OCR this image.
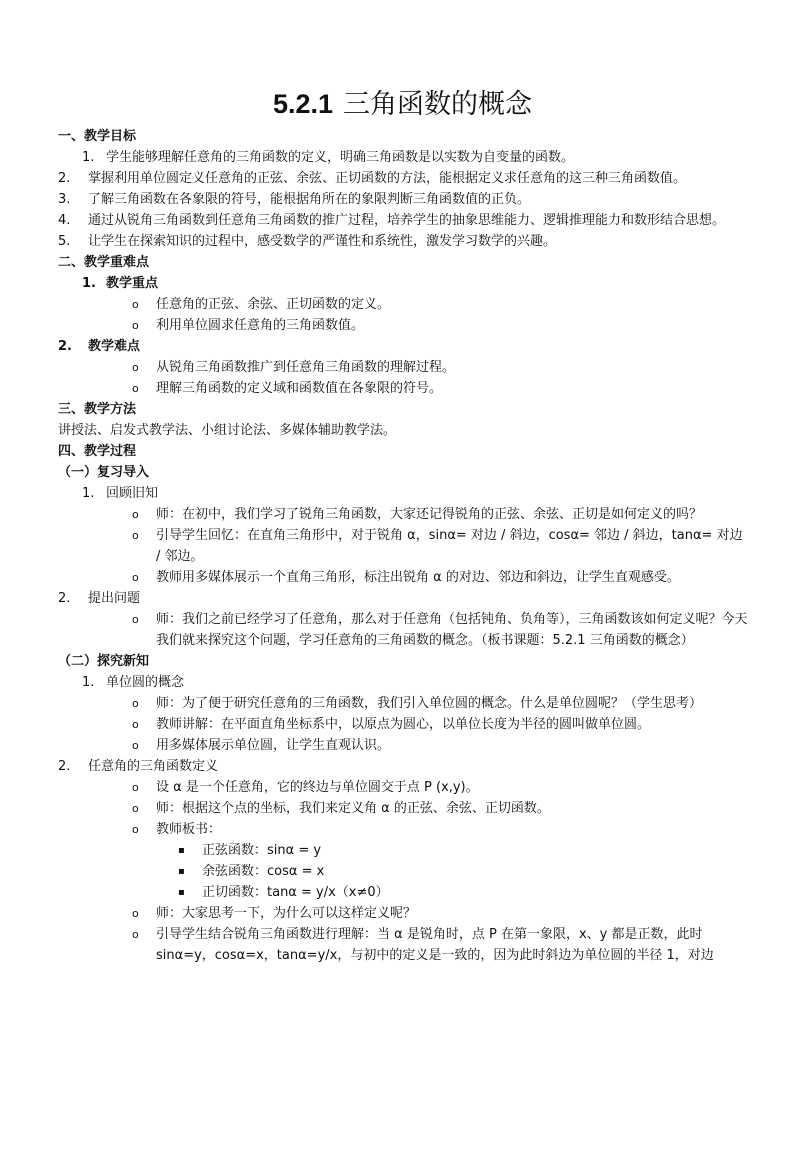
5.2.1 三角函数的概念

一、教学目标

1. 学生能够理解任意角的三角函数的定义，明确三角函数是以实数为自变量的函数。
2.	掌握利用单位圆定义任意角的正弦、余弦、正切函数的方法，能根据定义求任意角的这三种三角函数值。
3.	了解三角函数在各象限的符号，能根据角所在的象限判断三角函数值的正负。

4. 通过从锐角三角函数到任意角三角函数的推广过程，培养学生的抽象思维能力、逻辑推理能力和数形结合思想。

5.	让学生在探索知识的过程中，感受数学的严谨性和系统性，激发学习数学的兴趣。

二、教学重难点

1. 教学重点
o	任意角的正弦、余弦、正切函数的定义。
o	利用单位圆求任意角的三角函数值。
2.	教学难点
o	从锐角三角函数推广到任意角三角函数的理解过程。
o	理解三角函数的定义域和函数值在各象限的符号。

三、教学方法

讲授法、启发式教学法、小组讨论法、多媒体辅助教学法。

四、教学过程

（一）复习导入

1. 回顾旧知
o	师：在初中，我们学习了锐角三角函数，大家还记得锐角的正弦、余弦、正切是如何定义的吗？
o	引导学生回忆：在直角三角形中，对于锐角 α，sinα= 对边 / 斜边，cosα= 邻边 / 斜边，tanα= 对边 / 邻边。
o	教师用多媒体展示一个直角三角形，标注出锐角 α 的对边、邻边和斜边，让学生直观感受。
2.	提出问题
o	师：我们之前已经学习了任意角，那么对于任意角（包括钝角、负角等），三角函数该如何定义呢？今天我们就来探究这个问题，学习任意角的三角函数的概念。（板书课题：5.2.1 三角函数的概念）

（二）探究新知

1. 单位圆的概念
o	师：为了便于研究任意角的三角函数，我们引入单位圆的概念。什么是单位圆呢？（学生思考）
o	教师讲解：在平面直角坐标系中，以原点为圆心，以单位长度为半径的圆叫做单位圆。
o	用多媒体展示单位圆，让学生直观认识。
2.	任意角的三角函数定义
o	设 α 是一个任意角，它的终边与单位圆交于点 P (x,y)。
o	师：根据这个点的坐标，我们来定义角 α 的正弦、余弦、正切函数。
o	教师板书：
▪	正弦函数：sinα = y
▪	余弦函数：cosα = x
▪	正切函数：tanα = y/x（x≠0）
o	师：大家思考一下，为什么可以这样定义呢？
o	引导学生结合锐角三角函数进行理解：当 α 是锐角时，点 P 在第一象限，x、y 都是正数，此时 sinα=y，cosα=x，tanα=y/x，与初中的定义是一致的，因为此时斜边为单位圆的半径 1，对边
